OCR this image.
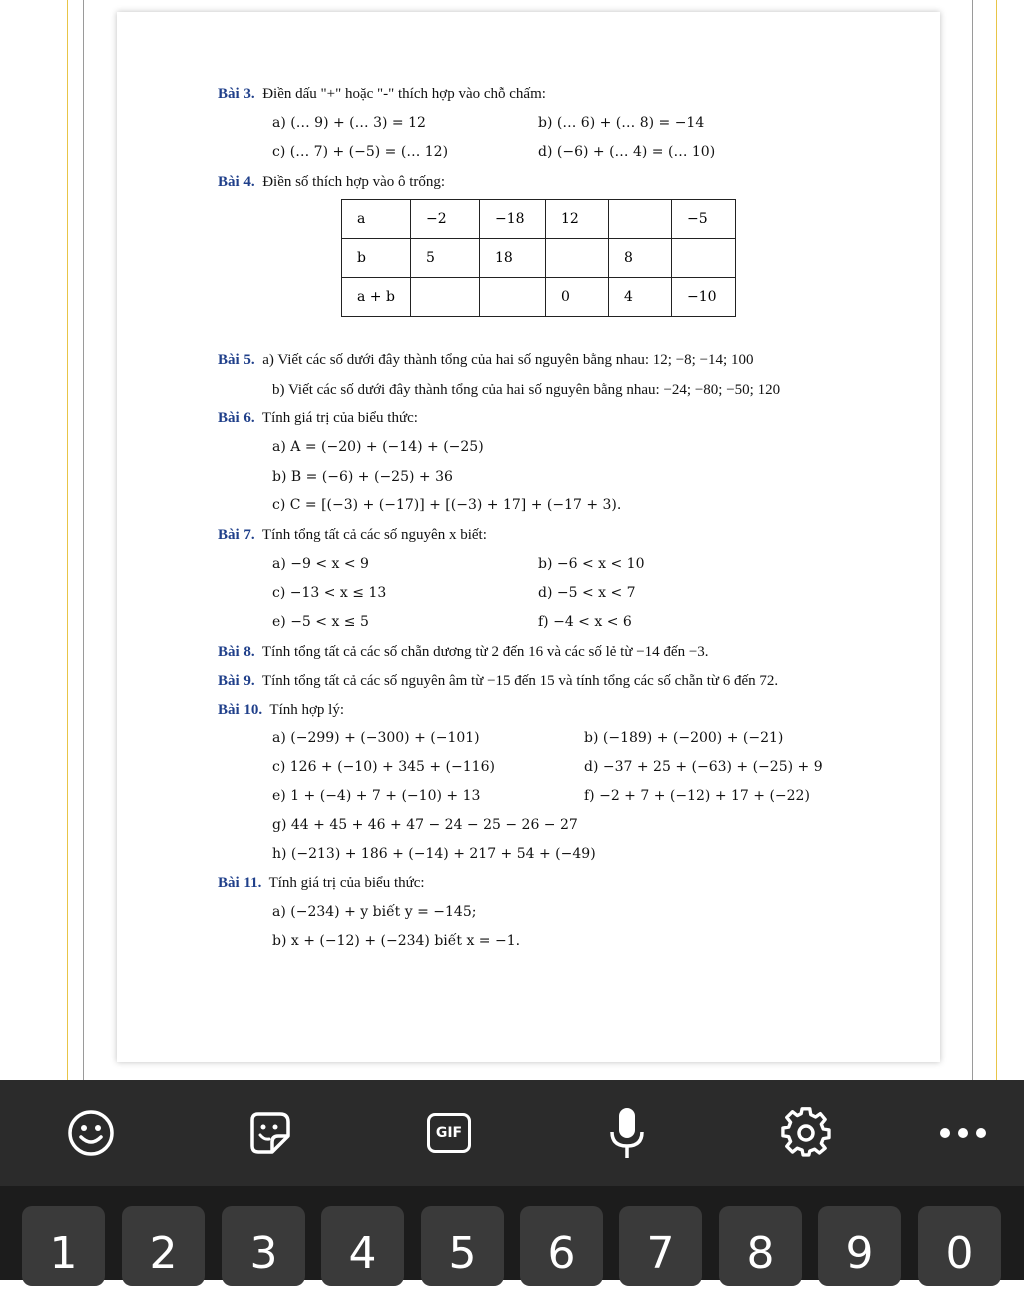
Bài 3. Điền dấu "+" hoặc "-" thích hợp vào chỗ chấm:
a) (… 9) + (… 3) = 12	b) (… 6) + (… 8) = −14
c) (… 7) + (−5) = (… 12)	d) (−6) + (… 4) = (… 10)
Bài 4. Điền số thích hợp vào ô trống:
a	−2	−18	12		−5
b	5	18		8	
a + b			0	4	−10
Bài 5. a) Viết các số dưới đây thành tổng của hai số nguyên bằng nhau: 12; −8; −14; 100
b) Viết các số dưới đây thành tổng của hai số nguyên bằng nhau: −24; −80; −50; 120
Bài 6. Tính giá trị của biểu thức:
a) A = (−20) + (−14) + (−25)
b) B = (−6) + (−25) + 36
c) C = [(−3) + (−17)] + [(−3) + 17] + (−17 + 3).
Bài 7. Tính tổng tất cả các số nguyên x biết:
a) −9 < x < 9	b) −6 < x < 10
c) −13 < x ≤ 13	d) −5 < x < 7
e) −5 < x ≤ 5	f) −4 < x < 6
Bài 8. Tính tổng tất cả các số chẵn dương từ 2 đến 16 và các số lẻ từ −14 đến −3.
Bài 9. Tính tổng tất cả các số nguyên âm từ −15 đến 15 và tính tổng các số chẵn từ 6 đến 72.
Bài 10. Tính hợp lý:
a) (−299) + (−300) + (−101)	b) (−189) + (−200) + (−21)
c) 126 + (−10) + 345 + (−116)	d) −37 + 25 + (−63) + (−25) + 9
e) 1 + (−4) + 7 + (−10) + 13	f) −2 + 7 + (−12) + 17 + (−22)
g) 44 + 45 + 46 + 47 − 24 − 25 − 26 − 27
h) (−213) + 186 + (−14) + 217 + 54 + (−49)
Bài 11. Tính giá trị của biểu thức:
a) (−234) + y biết y = −145;
b) x + (−12) + (−234) biết x = −1.
GIF
1	2	3	4	5	6	7	8	9	0
